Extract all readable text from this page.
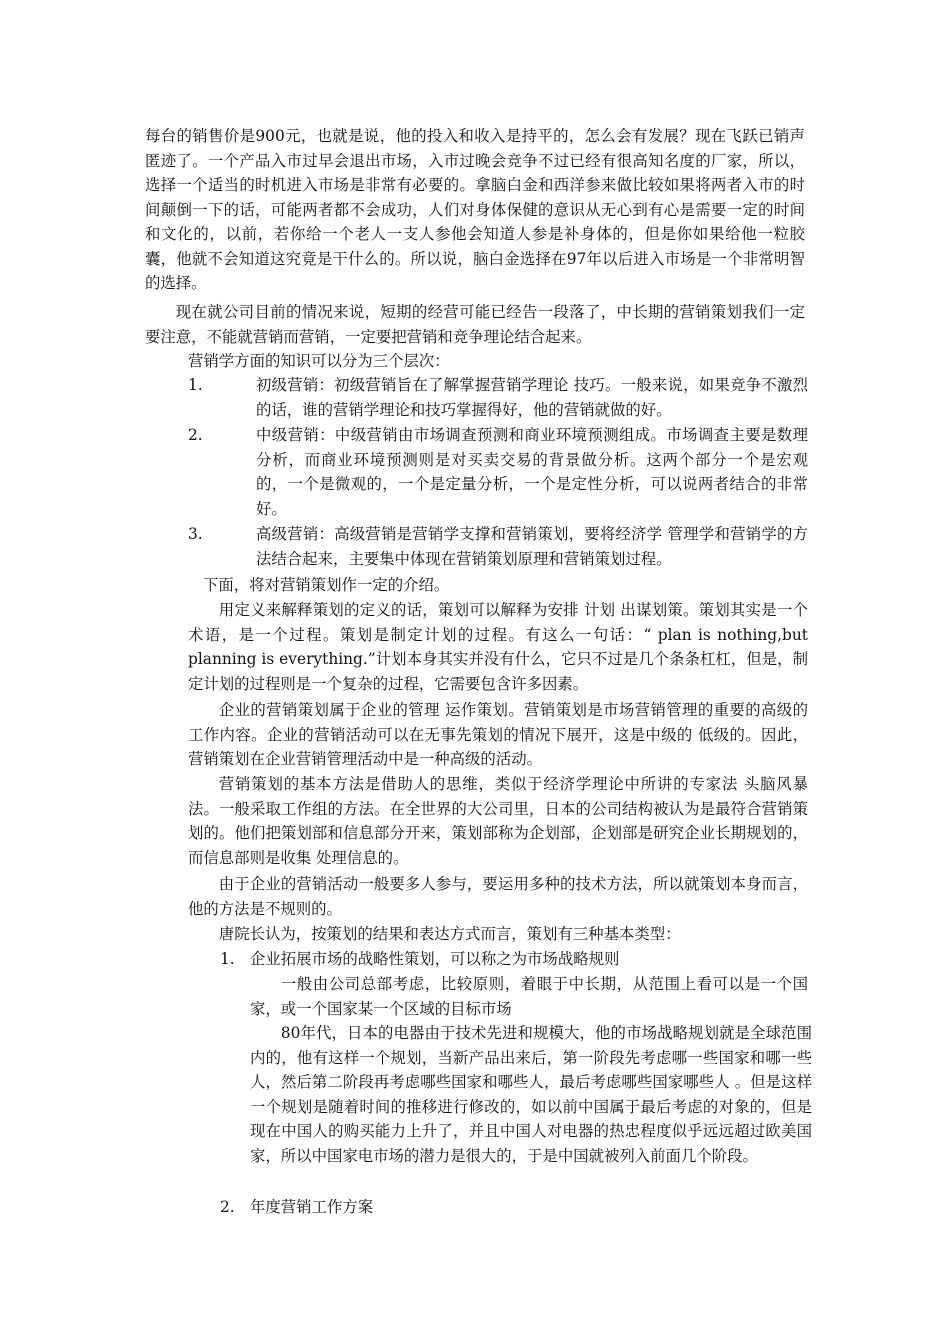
每台的销售价是900元，也就是说，他的投入和收入是持平的，怎么会有发展？现在飞跃已销声匿迹了。一个产品入市过早会退出市场，入市过晚会竞争不过已经有很高知名度的厂家，所以，选择一个适当的时机进入市场是非常有必要的。拿脑白金和西洋参来做比较如果将两者入市的时间颠倒一下的话，可能两者都不会成功，人们对身体保健的意识从无心到有心是需要一定的时间和文化的，以前，若你给一个老人一支人参他会知道人参是补身体的，但是你如果给他一粒胶囊，他就不会知道这究竟是干什么的。所以说，脑白金选择在97年以后进入市场是一个非常明智的选择。

现在就公司目前的情况来说，短期的经营可能已经告一段落了，中长期的营销策划我们一定要注意，不能就营销而营销，一定要把营销和竞争理论结合起来。

营销学方面的知识可以分为三个层次：

1.	初级营销：初级营销旨在了解掌握营销学理论 技巧。一般来说，如果竞争不激烈的话，谁的营销学理论和技巧掌握得好，他的营销就做的好。
2.	中级营销：中级营销由市场调查预测和商业环境预测组成。市场调查主要是数理分析，而商业环境预测则是对买卖交易的背景做分析。这两个部分一个是宏观的，一个是微观的，一个是定量分析，一个是定性分析，可以说两者结合的非常好。
3.	高级营销：高级营销是营销学支撑和营销策划，要将经济学 管理学和营销学的方法结合起来，主要集中体现在营销策划原理和营销策划过程。

下面，将对营销策划作一定的介绍。

用定义来解释策划的定义的话，策划可以解释为安排 计划 出谋划策。策划其实是一个术语，是一个过程。策划是制定计划的过程。有这么一句话：“ plan is nothing,but planning is everything.”计划本身其实并没有什么，它只不过是几个条条杠杠，但是，制定计划的过程则是一个复杂的过程，它需要包含许多因素。

企业的营销策划属于企业的管理 运作策划。营销策划是市场营销管理的重要的高级的工作内容。企业的营销活动可以在无事先策划的情况下展开，这是中级的 低级的。因此，营销策划在企业营销管理活动中是一种高级的活动。

营销策划的基本方法是借助人的思维，类似于经济学理论中所讲的专家法 头脑风暴法。一般采取工作组的方法。在全世界的大公司里，日本的公司结构被认为是最符合营销策划的。他们把策划部和信息部分开来，策划部称为企划部，企划部是研究企业长期规划的，而信息部则是收集 处理信息的。

由于企业的营销活动一般要多人参与，要运用多种的技术方法，所以就策划本身而言，他的方法是不规则的。

唐院长认为，按策划的结果和表达方式而言，策划有三种基本类型：

1. 企业拓展市场的战略性策划，可以称之为市场战略规则

一般由公司总部考虑，比较原则，着眼于中长期，从范围上看可以是一个国家，或一个国家某一个区域的目标市场

80年代，日本的电器由于技术先进和规模大，他的市场战略规划就是全球范围内的，他有这样一个规划，当新产品出来后，第一阶段先考虑哪一些国家和哪一些人，然后第二阶段再考虑哪些国家和哪些人，最后考虑哪些国家哪些人 。但是这样一个规划是随着时间的推移进行修改的，如以前中国属于最后考虑的对象的，但是现在中国人的购买能力上升了，并且中国人对电器的热忠程度似乎远远超过欧美国家，所以中国家电市场的潜力是很大的，于是中国就被列入前面几个阶段。

2. 年度营销工作方案
